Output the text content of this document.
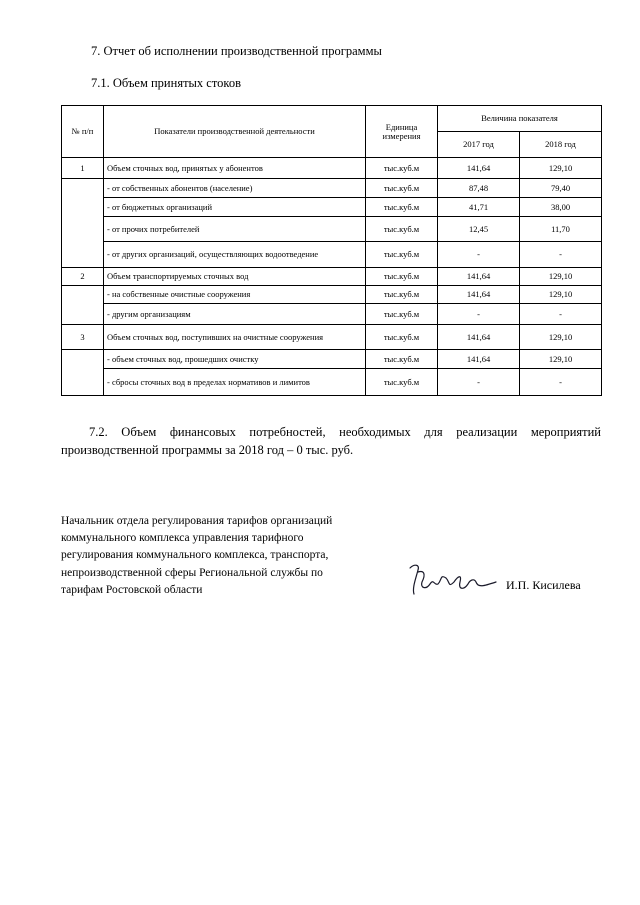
7. Отчет об исполнении производственной программы
7.1. Объем принятых стоков
№ п/п	Показатели производственной деятельности	Единица измерения	Величина показателя	
			2017 год	2018 год
1	Объем сточных вод, принятых у абонентов	тыс.куб.м	141,64	129,10
	- от собственных абонентов (население)	тыс.куб.м	87,48	79,40
	- от бюджетных организаций	тыс.куб.м	41,71	38,00
	- от прочих потребителей	тыс.куб.м	12,45	11,70
	- от других организаций, осуществляющих водоотведение	тыс.куб.м	-	-
2	Объем транспортируемых сточных вод	тыс.куб.м	141,64	129,10
	- на собственные очистные сооружения	тыс.куб.м	141,64	129,10
	- другим организациям	тыс.куб.м	-	-
3	Объем сточных вод, поступивших на очистные сооружения	тыс.куб.м	141,64	129,10
	- объем сточных вод, прошедших очистку	тыс.куб.м	141,64	129,10
	- сбросы сточных вод в пределах нормативов и лимитов	тыс.куб.м	-	-
7.2. Объем финансовых потребностей, необходимых для реализации мероприятий
производственной программы за 2018 год – 0 тыс. руб.
Начальник отдела регулирования тарифов организаций
коммунального комплекса управления тарифного
регулирования коммунального комплекса, транспорта,
непроизводственной сферы Региональной службы по
тарифам Ростовской области	И.П. Кисилева
